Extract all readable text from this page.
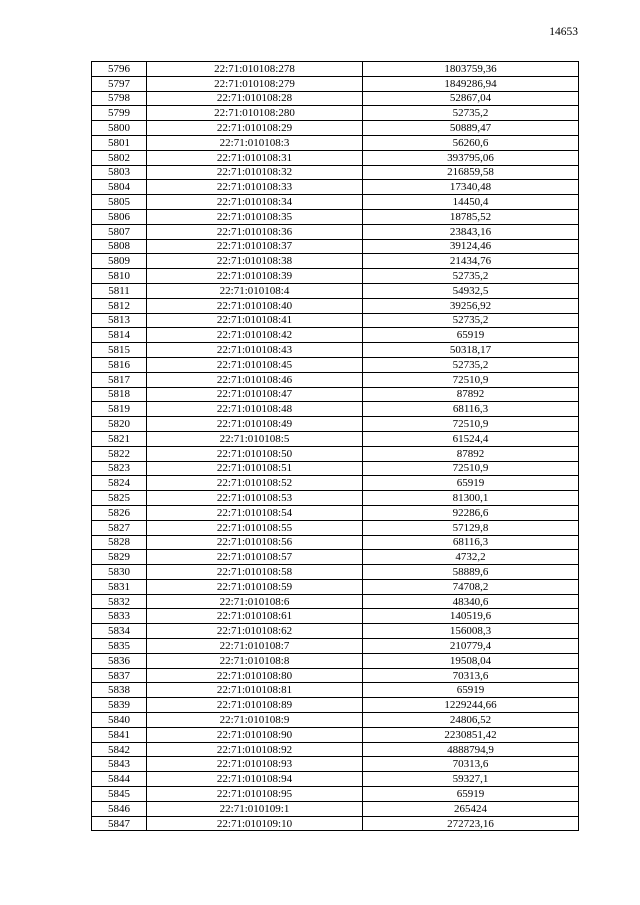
14653
5796	22:71:010108:278	1803759,36
5797	22:71:010108:279	1849286,94
5798	22:71:010108:28	52867,04
5799	22:71:010108:280	52735,2
5800	22:71:010108:29	50889,47
5801	22:71:010108:3	56260,6
5802	22:71:010108:31	393795,06
5803	22:71:010108:32	216859,58
5804	22:71:010108:33	17340,48
5805	22:71:010108:34	14450,4
5806	22:71:010108:35	18785,52
5807	22:71:010108:36	23843,16
5808	22:71:010108:37	39124,46
5809	22:71:010108:38	21434,76
5810	22:71:010108:39	52735,2
5811	22:71:010108:4	54932,5
5812	22:71:010108:40	39256,92
5813	22:71:010108:41	52735,2
5814	22:71:010108:42	65919
5815	22:71:010108:43	50318,17
5816	22:71:010108:45	52735,2
5817	22:71:010108:46	72510,9
5818	22:71:010108:47	87892
5819	22:71:010108:48	68116,3
5820	22:71:010108:49	72510,9
5821	22:71:010108:5	61524,4
5822	22:71:010108:50	87892
5823	22:71:010108:51	72510,9
5824	22:71:010108:52	65919
5825	22:71:010108:53	81300,1
5826	22:71:010108:54	92286,6
5827	22:71:010108:55	57129,8
5828	22:71:010108:56	68116,3
5829	22:71:010108:57	4732,2
5830	22:71:010108:58	58889,6
5831	22:71:010108:59	74708,2
5832	22:71:010108:6	48340,6
5833	22:71:010108:61	140519,6
5834	22:71:010108:62	156008,3
5835	22:71:010108:7	210779,4
5836	22:71:010108:8	19508,04
5837	22:71:010108:80	70313,6
5838	22:71:010108:81	65919
5839	22:71:010108:89	1229244,66
5840	22:71:010108:9	24806,52
5841	22:71:010108:90	2230851,42
5842	22:71:010108:92	4888794,9
5843	22:71:010108:93	70313,6
5844	22:71:010108:94	59327,1
5845	22:71:010108:95	65919
5846	22:71:010109:1	265424
5847	22:71:010109:10	272723,16
